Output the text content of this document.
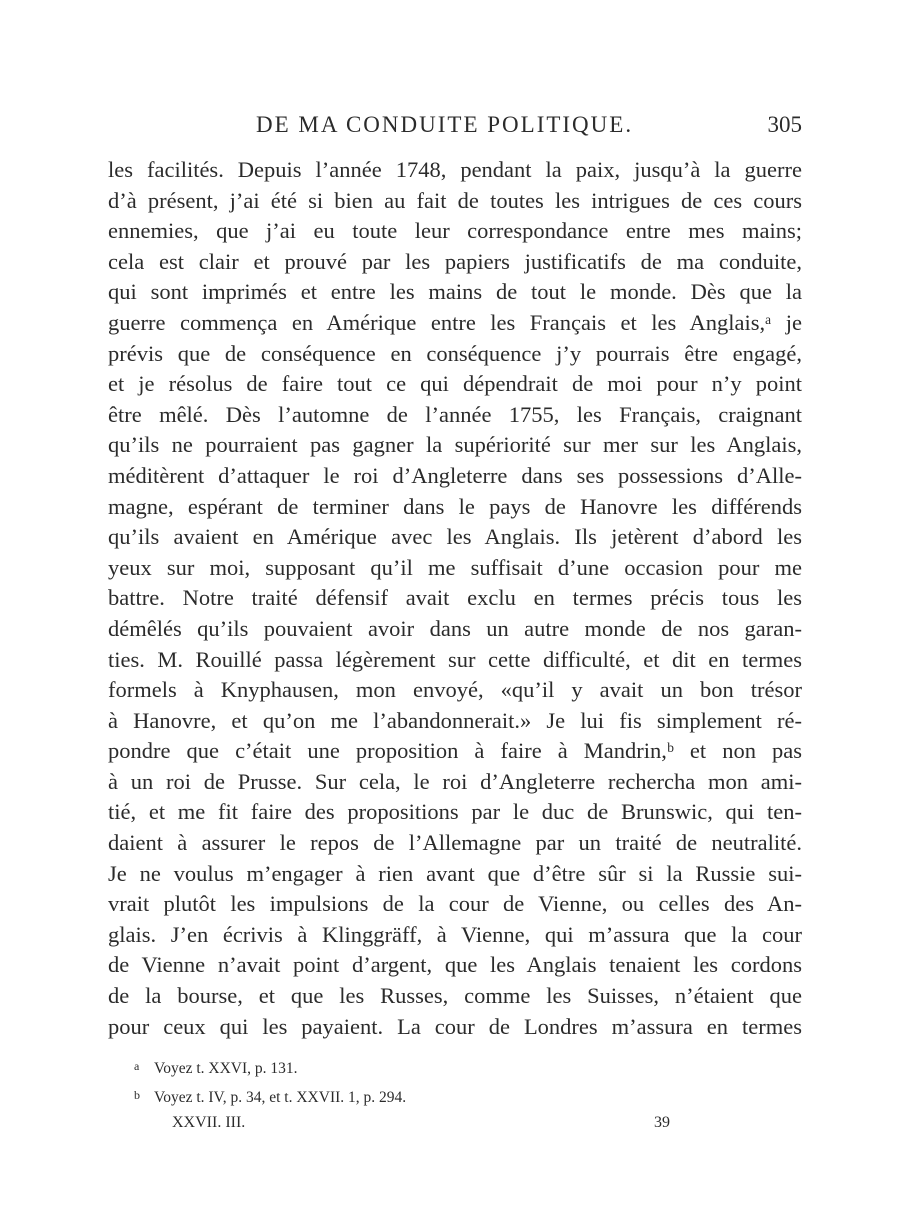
DE MA CONDUITE POLITIQUE.	305
les facilités. Depuis l’année 1748, pendant la paix, jusqu’à la guerre
d’à présent, j’ai été si bien au fait de toutes les intrigues de ces cours
ennemies, que j’ai eu toute leur correspondance entre mes mains;
cela est clair et prouvé par les papiers justificatifs de ma conduite,
qui sont imprimés et entre les mains de tout le monde. Dès que la
guerre commença en Amérique entre les Français et les Anglais,ᵃ je
prévis que de conséquence en conséquence j’y pourrais être engagé,
et je résolus de faire tout ce qui dépendrait de moi pour n’y point
être mêlé. Dès l’automne de l’année 1755, les Français, craignant
qu’ils ne pourraient pas gagner la supériorité sur mer sur les Anglais,
méditèrent d’attaquer le roi d’Angleterre dans ses possessions d’Alle-
magne, espérant de terminer dans le pays de Hanovre les différends
qu’ils avaient en Amérique avec les Anglais. Ils jetèrent d’abord les
yeux sur moi, supposant qu’il me suffisait d’une occasion pour me
battre. Notre traité défensif avait exclu en termes précis tous les
démêlés qu’ils pouvaient avoir dans un autre monde de nos garan-
ties. M. Rouillé passa légèrement sur cette difficulté, et dit en termes
formels à Knyphausen, mon envoyé, «qu’il y avait un bon trésor
à Hanovre, et qu’on me l’abandonnerait.» Je lui fis simplement ré-
pondre que c’était une proposition à faire à Mandrin,ᵇ et non pas
à un roi de Prusse. Sur cela, le roi d’Angleterre rechercha mon ami-
tié, et me fit faire des propositions par le duc de Brunswic, qui ten-
daient à assurer le repos de l’Allemagne par un traité de neutralité.
Je ne voulus m’engager à rien avant que d’être sûr si la Russie sui-
vrait plutôt les impulsions de la cour de Vienne, ou celles des An-
glais. J’en écrivis à Klinggräff, à Vienne, qui m’assura que la cour
de Vienne n’avait point d’argent, que les Anglais tenaient les cordons
de la bourse, et que les Russes, comme les Suisses, n’étaient que
pour ceux qui les payaient. La cour de Londres m’assura en termes
a Voyez t. XXVI, p. 131.
b Voyez t. IV, p. 34, et t. XXVII. 1, p. 294.
XXVII. III.	39
